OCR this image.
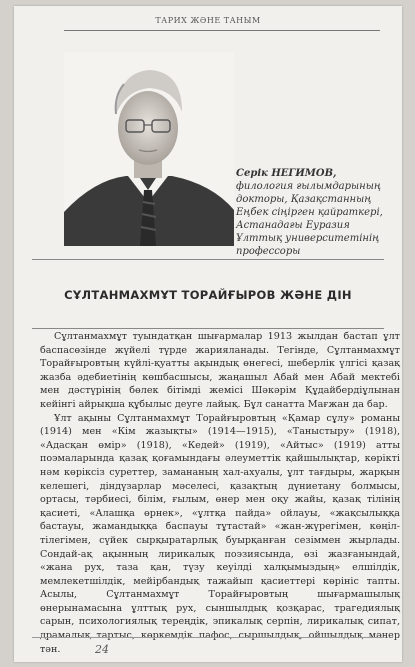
ТАРИХ ЖӘНЕ ТАНЫМ
Серік НЕГИМОВ,
филология ғылымдарының докторы, Қазақстанның Еңбек сіңірген қайраткері, Астанадағы Еуразия Ұлттық университетінің профессоры
СҰЛТАНМАХМҰТ ТОРАЙҒЫРОВ ЖӘНЕ ДІН

Сұлтанмахмұт туындатқан шығармалар 1913 жылдан бастап ұлт баспасөзінде жүйелі түрде жарияланады. Тегінде, Сұлтанмахмұт Торайғыровтың күйлі-қуатты ақындық өнегесі, шеберлік үлгісі қазақ жазба әдебиетінің көшбасшысы, жаңашыл Абай мен Абай мектебі мен дәстүрінің бөлек бітімді жемісі Шәкәрім Құдайбердіұлынан кейінгі айрықша құбылыс деуге лайық. Бұл санатта Мағжан да бар.

Ұлт ақыны Сұлтанмахмұт Торайғыровтың «Қамар сұлу» романы (1914) мен «Кім жазықты» (1914—1915), «Таныстыру» (1918), «Адасқан өмір» (1918), «Кедей» (1919), «Айтыс» (1919) атты поэмаларында қазақ қоғамындағы әлеуметтік қайшылықтар, көріктi нәм көріксіз суреттер, замананың хал-ахуалы, ұлт тағдыры, жарқын келешегі, діндүзарлар мәселесі, қазақтың дүниетану болмысы, ортасы, тәрбиесі, білім, ғылым, өнер мен оқу жайы, қазақ тілінің қасиеті, «Алашқа өрнек», «ұлтқа пайда» ойлауы, «жақсылыққа бастауы, жамандыққа баспауы тұтастай» «жан-жүрегімен, көңіл-тілегімен, сүйек сырқыратарлық буырқанған сезіммен жырлады. Сондай-ақ ақынның лирикалық поэзиясында, өзі жазғанындай, «жана рух, таза қан, түзу кеуілді халқымыздың» елшілдік, мемлекетшілдік, мейірбандық тажайып қасиеттері көрініс тапты. Асылы, Сұлтанмахмұт Торайғыровтың шығармашылық өнерынамасына ұлттық рух, сыншылдық қозқарас, трагедиялық сарын, психологиялық тереңдік, эпикалық серпін, лирикалық сипат, драмалық тартыс, көркемдік пафос, сыршылдық, ойшылдық мәнер тән.	24
